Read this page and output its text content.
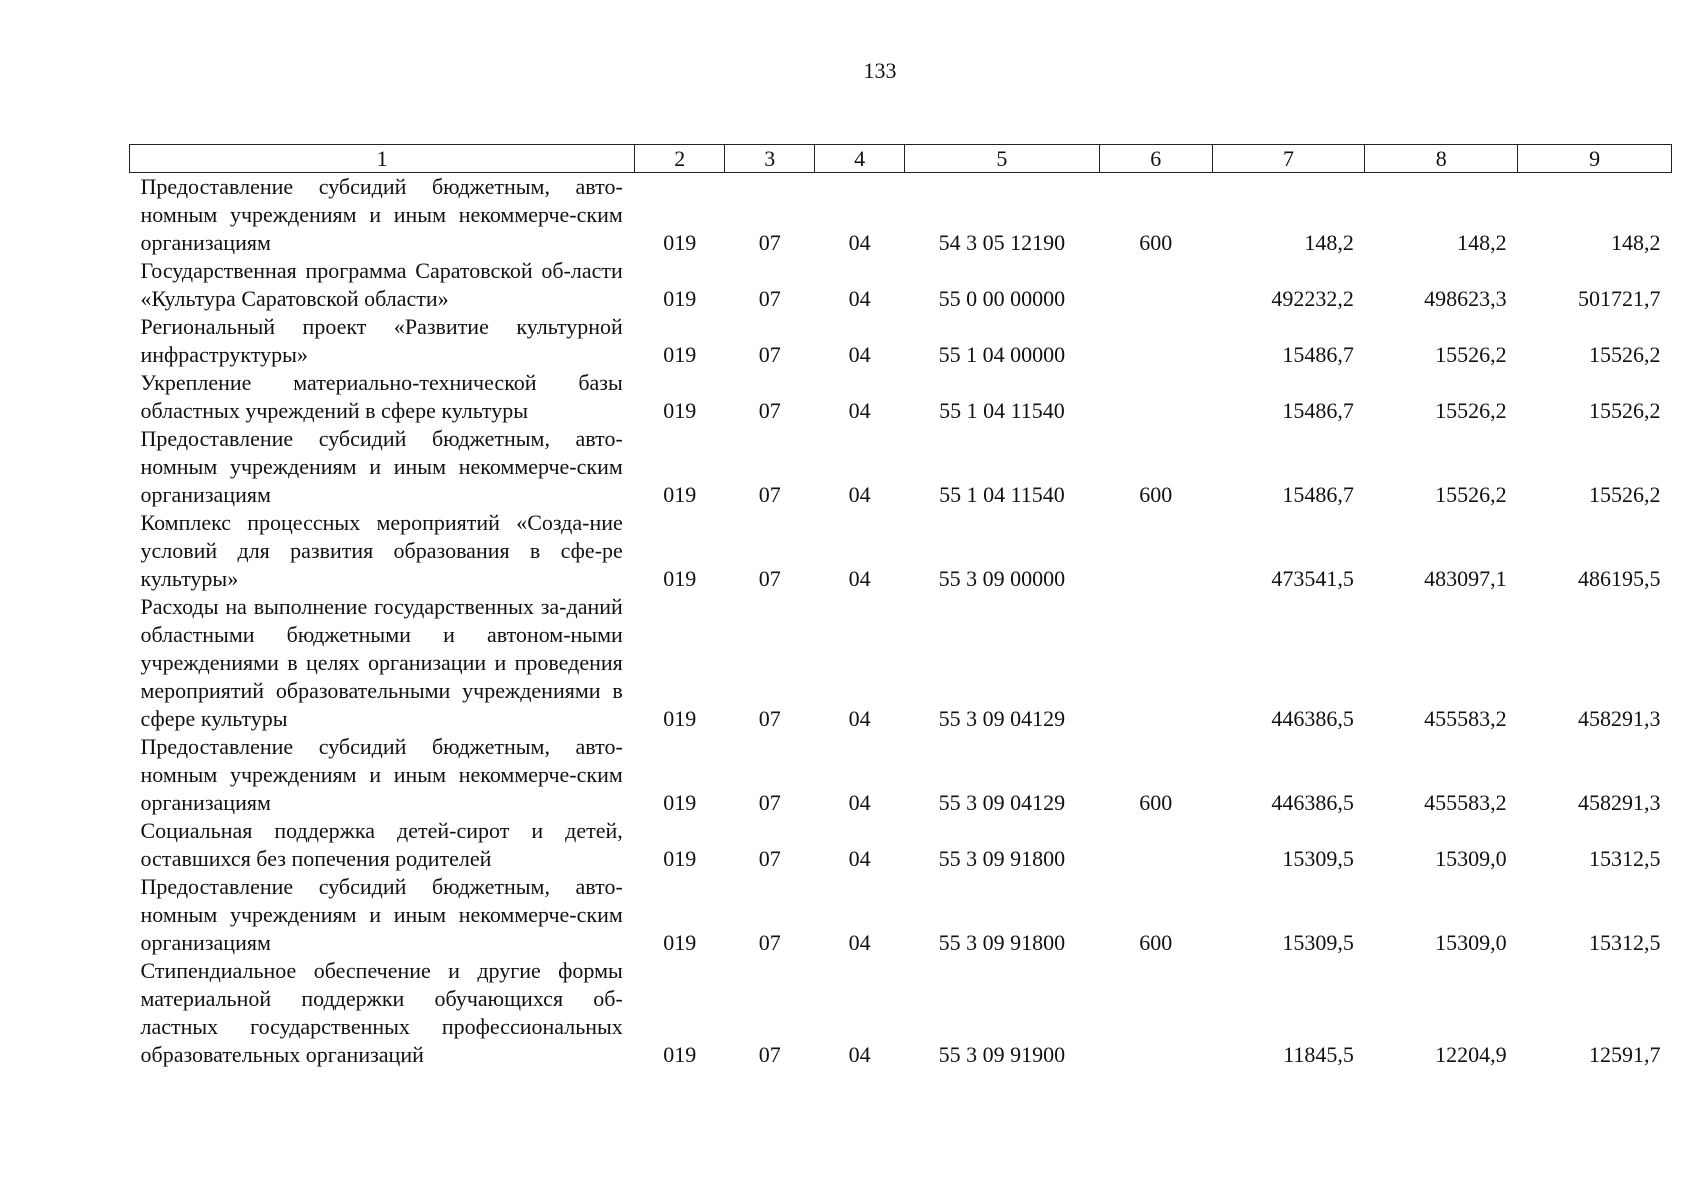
133
1	2	3	4	5	6	7	8	9
Предоставление субсидий бюджетным, авто-номным учреждениям и иным некоммерче-ским организациям	019	07	04	54 3 05 12190	600	148,2	148,2	148,2
Государственная программа Саратовской об-ласти «Культура Саратовской области»	019	07	04	55 0 00 00000		492232,2	498623,3	501721,7
Региональный проект «Развитие культурной инфраструктуры»	019	07	04	55 1 04 00000		15486,7	15526,2	15526,2
Укрепление материально-технической базы областных учреждений в сфере культуры	019	07	04	55 1 04 11540		15486,7	15526,2	15526,2
Предоставление субсидий бюджетным, авто-номным учреждениям и иным некоммерче-ским организациям	019	07	04	55 1 04 11540	600	15486,7	15526,2	15526,2
Комплекс процессных мероприятий «Созда-ние условий для развития образования в сфе-ре культуры»	019	07	04	55 3 09 00000		473541,5	483097,1	486195,5
Расходы на выполнение государственных за-даний областными бюджетными и автоном-ными учреждениями в целях организации и проведения мероприятий образовательными учреждениями в сфере культуры	019	07	04	55 3 09 04129		446386,5	455583,2	458291,3
Предоставление субсидий бюджетным, авто-номным учреждениям и иным некоммерче-ским организациям	019	07	04	55 3 09 04129	600	446386,5	455583,2	458291,3
Социальная поддержка детей-сирот и детей, оставшихся без попечения родителей	019	07	04	55 3 09 91800		15309,5	15309,0	15312,5
Предоставление субсидий бюджетным, авто-номным учреждениям и иным некоммерче-ским организациям	019	07	04	55 3 09 91800	600	15309,5	15309,0	15312,5
Стипендиальное обеспечение и другие формы материальной поддержки обучающихся об-ластных государственных профессиональных образовательных организаций	019	07	04	55 3 09 91900		11845,5	12204,9	12591,7
